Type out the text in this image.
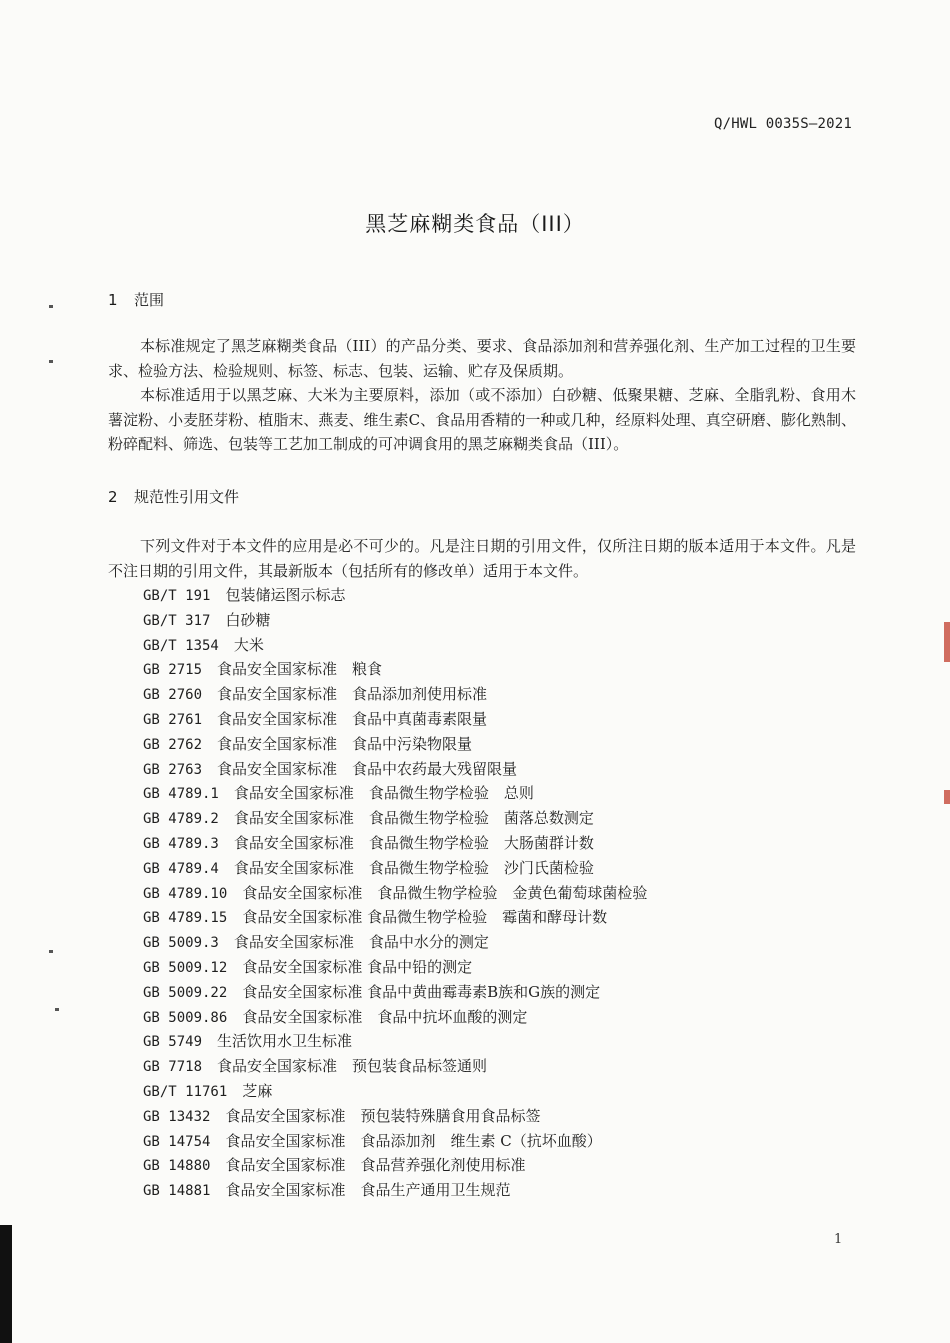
Q/HWL 0035S—2021
黑芝麻糊类食品（III）
1 范围

本标准规定了黑芝麻糊类食品（III）的产品分类、要求、食品添加剂和营养强化剂、生产加工过程的卫生要求、检验方法、检验规则、标签、标志、包装、运输、贮存及保质期。

本标准适用于以黑芝麻、大米为主要原料，添加（或不添加）白砂糖、低聚果糖、芝麻、全脂乳粉、食用木薯淀粉、小麦胚芽粉、植脂末、燕麦、维生素C、食品用香精的一种或几种，经原料处理、真空研磨、膨化熟制、粉碎配料、筛选、包装等工艺加工制成的可冲调食用的黑芝麻糊类食品（III）。

2 规范性引用文件

下列文件对于本文件的应用是必不可少的。凡是注日期的引用文件，仅所注日期的版本适用于本文件。凡是不注日期的引用文件，其最新版本（包括所有的修改单）适用于本文件。

GB/T 191　 包装储运图示标志
GB/T 317　 白砂糖
GB/T 1354　 大米
GB 2715　 食品安全国家标准　粮食
GB 2760　 食品安全国家标准　食品添加剂使用标准
GB 2761　 食品安全国家标准　食品中真菌毒素限量
GB 2762　 食品安全国家标准　食品中污染物限量
GB 2763　 食品安全国家标准　食品中农药最大残留限量
GB 4789.1　 食品安全国家标准　食品微生物学检验　总则
GB 4789.2　 食品安全国家标准　食品微生物学检验　菌落总数测定
GB 4789.3　 食品安全国家标准　食品微生物学检验　大肠菌群计数
GB 4789.4　 食品安全国家标准　食品微生物学检验　沙门氏菌检验
GB 4789.10　 食品安全国家标准　食品微生物学检验　金黄色葡萄球菌检验
GB 4789.15　 食品安全国家标准 食品微生物学检验　霉菌和酵母计数
GB 5009.3　 食品安全国家标准　食品中水分的测定
GB 5009.12　 食品安全国家标准 食品中铅的测定
GB 5009.22　 食品安全国家标准 食品中黄曲霉毒素B族和G族的测定
GB 5009.86　 食品安全国家标准　食品中抗坏血酸的测定
GB 5749　 生活饮用水卫生标准
GB 7718　 食品安全国家标准　预包装食品标签通则
GB/T 11761　 芝麻
GB 13432　 食品安全国家标准　预包装特殊膳食用食品标签
GB 14754　 食品安全国家标准　食品添加剂　维生素 C（抗坏血酸）
GB 14880　 食品安全国家标准　食品营养强化剂使用标准
GB 14881　 食品安全国家标准　食品生产通用卫生规范
1
